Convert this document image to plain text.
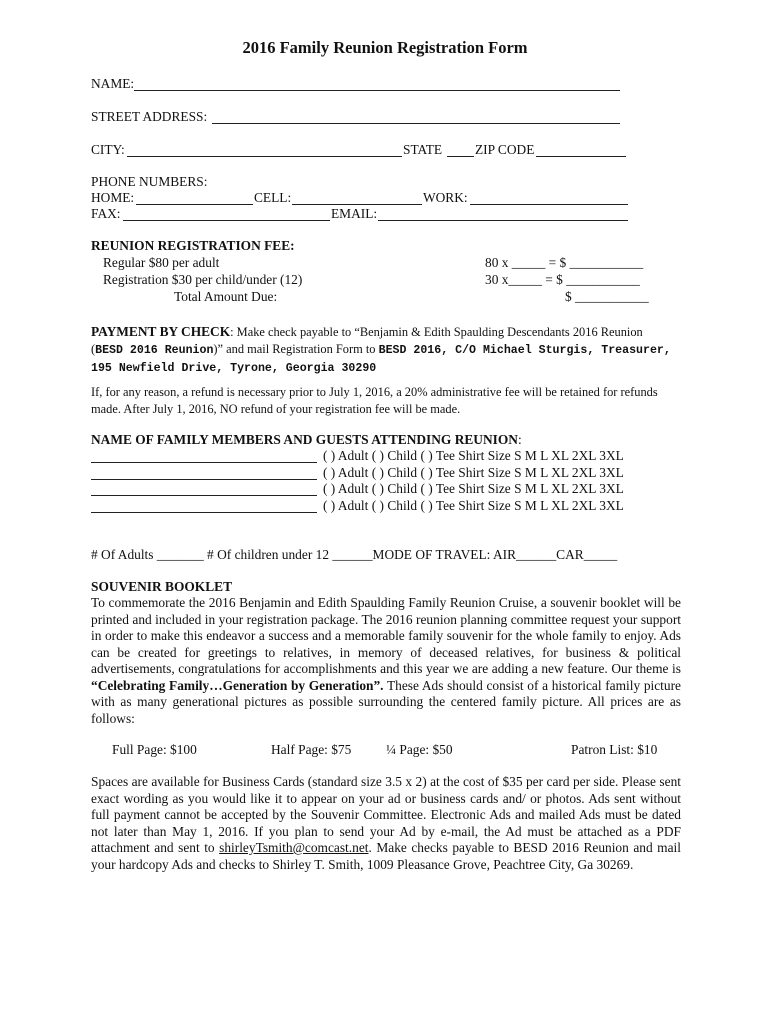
2016 Family Reunion Registration Form
NAME:
STREET ADDRESS:
CITY:	STATE ZIP CODE
PHONE NUMBERS:
HOME:	CELL:	WORK:
FAX:	EMAIL:
REUNION REGISTRATION FEE:
Regular $80 per adult	80 x _____ = $ ___________
Registration $30 per child/under (12)	30 x_____ = $ ___________
Total Amount Due:	$ ___________
PAYMENT BY CHECK: Make check payable to “Benjamin & Edith Spaulding Descendants 2016 Reunion
(BESD 2016 Reunion)” and mail Registration Form to BESD 2016, C/O Michael Sturgis, Treasurer,
195 Newfield Drive, Tyrone, Georgia 30290
If, for any reason, a refund is necessary prior to July 1, 2016, a 20% administrative fee will be retained for refunds
made. After July 1, 2016, NO refund of your registration fee will be made.
NAME OF FAMILY MEMBERS AND GUESTS ATTENDING REUNION:
( ) Adult ( ) Child ( ) Tee Shirt Size S M L XL 2XL 3XL
( ) Adult ( ) Child ( ) Tee Shirt Size S M L XL 2XL 3XL
( ) Adult ( ) Child ( ) Tee Shirt Size S M L XL 2XL 3XL
( ) Adult ( ) Child ( ) Tee Shirt Size S M L XL 2XL 3XL
# Of Adults _______ # Of children under 12 ______MODE OF TRAVEL: AIR______CAR_____
SOUVENIR BOOKLET
To commemorate the 2016 Benjamin and Edith Spaulding Family Reunion Cruise, a souvenir booklet will be printed and included in your registration package. The 2016 reunion planning committee request your support in order to make this endeavor a success and a memorable family souvenir for the whole family to enjoy. Ads can be created for greetings to relatives, in memory of deceased relatives, for business & political advertisements, congratulations for accomplishments and this year we are adding a new feature. Our theme is “Celebrating Family…Generation by Generation”. These Ads should consist of a historical family picture with as many generational pictures as possible surrounding the centered family picture. All prices are as follows:
Full Page: $100	Half Page: $75	¼ Page: $50	Patron List: $10
Spaces are available for Business Cards (standard size 3.5 x 2) at the cost of $35 per card per side. Please sent exact wording as you would like it to appear on your ad or business cards and/ or photos. Ads sent without full payment cannot be accepted by the Souvenir Committee. Electronic Ads and mailed Ads must be dated not later than May 1, 2016. If you plan to send your Ad by e-mail, the Ad must be attached as a PDF attachment and sent to shirleyTsmith@comcast.net. Make checks payable to BESD 2016 Reunion and mail your hardcopy Ads and checks to Shirley T. Smith, 1009 Pleasance Grove, Peachtree City, Ga 30269.
